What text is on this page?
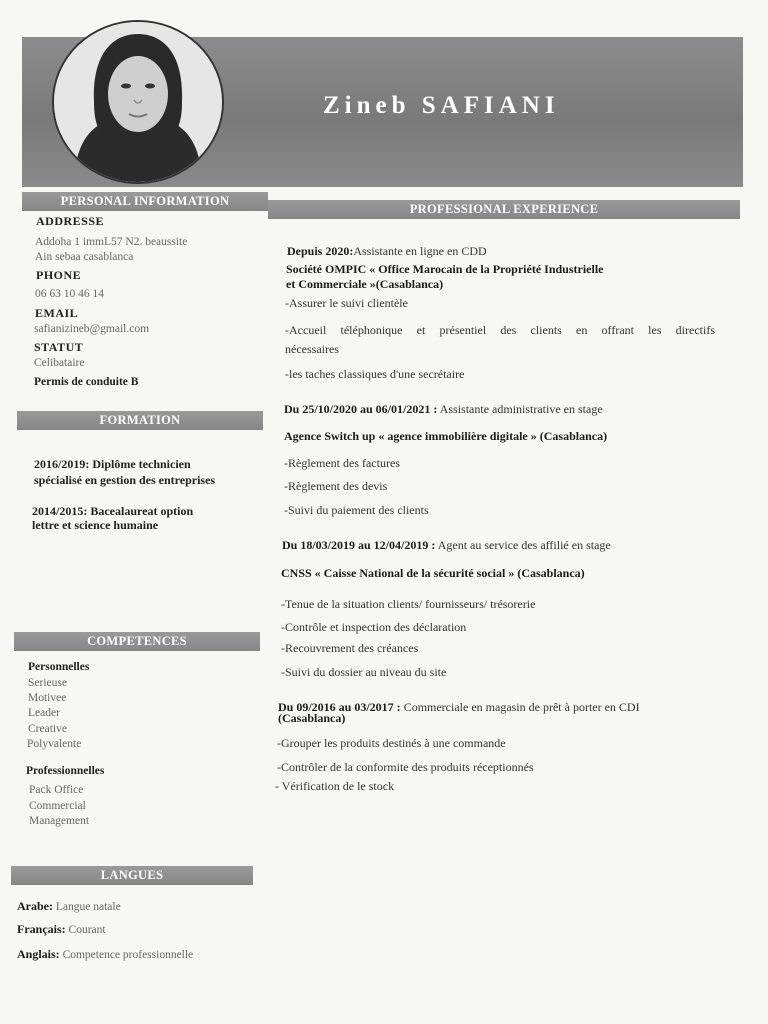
Zineb SAFIANI
PERSONAL INFORMATION
PROFESSIONAL EXPERIENCE
FORMATION
COMPETENCES
LANGUES
ADDRESSE
Addoha 1 immL57 N2. beaussite
Ain sebaa casablanca
PHONE
06 63 10 46 14
EMAIL
safianizineb@gmail.com
STATUT
Celibataire
Permis de conduite B
2016/2019: Diplôme technicien
spécialisé en gestion des entreprises
2014/2015: Bacealaureat option
lettre et science humaine
Personnelles
Serieuse
Motivee
Leader
Creative
Polyvalente
Professionnelles
Pack Office
Commercial
Management
Arabe: Langue natale
Français: Courant
Anglais: Competence professionnelle
Depuis 2020:Assistante en ligne en CDD
Société OMPIC « Office Marocain de la Propriété Industrielle
et Commerciale »(Casablanca)
-Assurer le suivi clientèle
-Accueil téléphonique et présentiel des clients en offrant les directifs
nécessaires
-les taches classiques d'une secrétaire
Du 25/10/2020 au 06/01/2021 : Assistante administrative en stage
Agence Switch up « agence immobilière digitale » (Casablanca)
-Règlement des factures
-Règlement des devis
-Suivi du paiement des clients
Du 18/03/2019 au 12/04/2019 : Agent au service des affilié en stage
CNSS « Caisse National de la sécurité social » (Casablanca)
-Tenue de la situation clients/ fournisseurs/ trésorerie
-Contrôle et inspection des déclaration
-Recouvrement des créances
-Suivi du dossier au niveau du site
Du 09/2016 au 03/2017 : Commerciale en magasin de prêt à porter en CDI
(Casablanca)
-Grouper les produits destinés à une commande
-Contrôler de la conformite des produits réceptionnés
- Vérification de le stock
